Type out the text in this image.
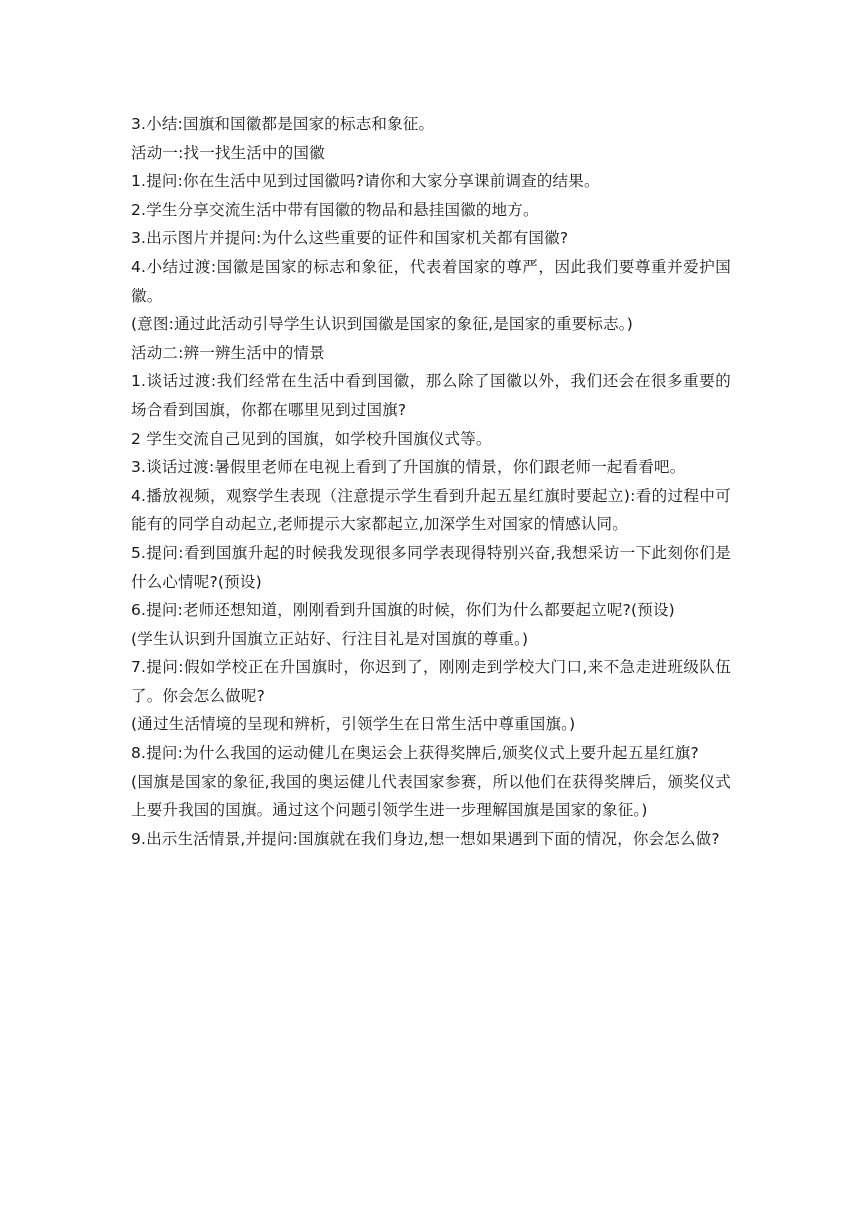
3.小结:国旗和国徽都是国家的标志和象征。

活动一:找一找生活中的国徽

1.提问:你在生活中见到过国徽吗?请你和大家分享课前调查的结果。

2.学生分享交流生活中带有国徽的物品和悬挂国徽的地方。

3.出示图片并提问:为什么这些重要的证件和国家机关都有国徽?

4.小结过渡:国徽是国家的标志和象征，代表着国家的尊严，因此我们要尊重并爱护国徽。

(意图:通过此活动引导学生认识到国徽是国家的象征,是国家的重要标志。)

活动二:辨一辨生活中的情景

1.谈话过渡:我们经常在生活中看到国徽，那么除了国徽以外，我们还会在很多重要的场合看到国旗，你都在哪里见到过国旗?

2 学生交流自己见到的国旗，如学校升国旗仪式等。

3.谈话过渡:暑假里老师在电视上看到了升国旗的情景，你们跟老师一起看看吧。

4.播放视频，观察学生表现（注意提示学生看到升起五星红旗时要起立):看的过程中可能有的同学自动起立,老师提示大家都起立,加深学生对国家的情感认同。

5.提问:看到国旗升起的时候我发现很多同学表现得特别兴奋,我想采访一下此刻你们是什么心情呢?(预设)

6.提问:老师还想知道，刚刚看到升国旗的时候，你们为什么都要起立呢?(预设)

(学生认识到升国旗立正站好、行注目礼是对国旗的尊重。)

7.提问:假如学校正在升国旗时，你迟到了，刚刚走到学校大门口,来不急走进班级队伍了。你会怎么做呢?

(通过生活情境的呈现和辨析，引领学生在日常生活中尊重国旗。)

8.提问:为什么我国的运动健儿在奥运会上获得奖牌后,颁奖仪式上要升起五星红旗?

(国旗是国家的象征,我国的奥运健儿代表国家参赛，所以他们在获得奖牌后，颁奖仪式上要升我国的国旗。通过这个问题引领学生进一步理解国旗是国家的象征。)

9.出示生活情景,并提问:国旗就在我们身边,想一想如果遇到下面的情况，你会怎么做?
